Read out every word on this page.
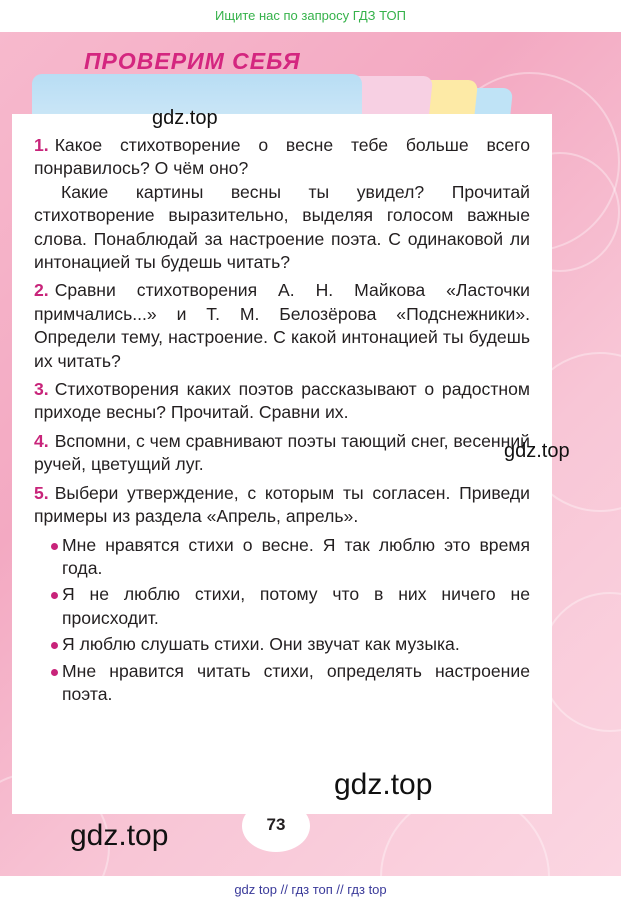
Ищите нас по запросу ГДЗ ТОП
ПРОВЕРИМ СЕБЯ

1. Какое стихотворение о весне тебе больше всего понравилось? О чём оно?

Какие картины весны ты увидел? Прочитай стихотворение выразительно, выделяя голосом важные слова. Понаблюдай за настроение поэта. С одинаковой ли интонацией ты будешь читать?

2. Сравни стихотворения А. Н. Майкова «Ласточки примчались...» и Т. М. Белозёрова «Подснежники». Определи тему, настроение. С какой интонацией ты будешь их читать?

3. Стихотворения каких поэтов рассказывают о радостном приходе весны? Прочитай. Сравни их.

4. Вспомни, с чем сравнивают поэты тающий снег, весенний ручей, цветущий луг.

5. Выбери утверждение, с которым ты согласен. Приведи примеры из раздела «Апрель, апрель».

Мне нравятся стихи о весне. Я так люблю это время года.
Я не люблю стихи, потому что в них ничего не происходит.
Я люблю слушать стихи. Они звучат как музыка.
Мне нравится читать стихи, определять настроение поэта.
gdz.top
gdz.top
gdz.top
gdz.top	73
gdz top // гдз топ // гдз top
